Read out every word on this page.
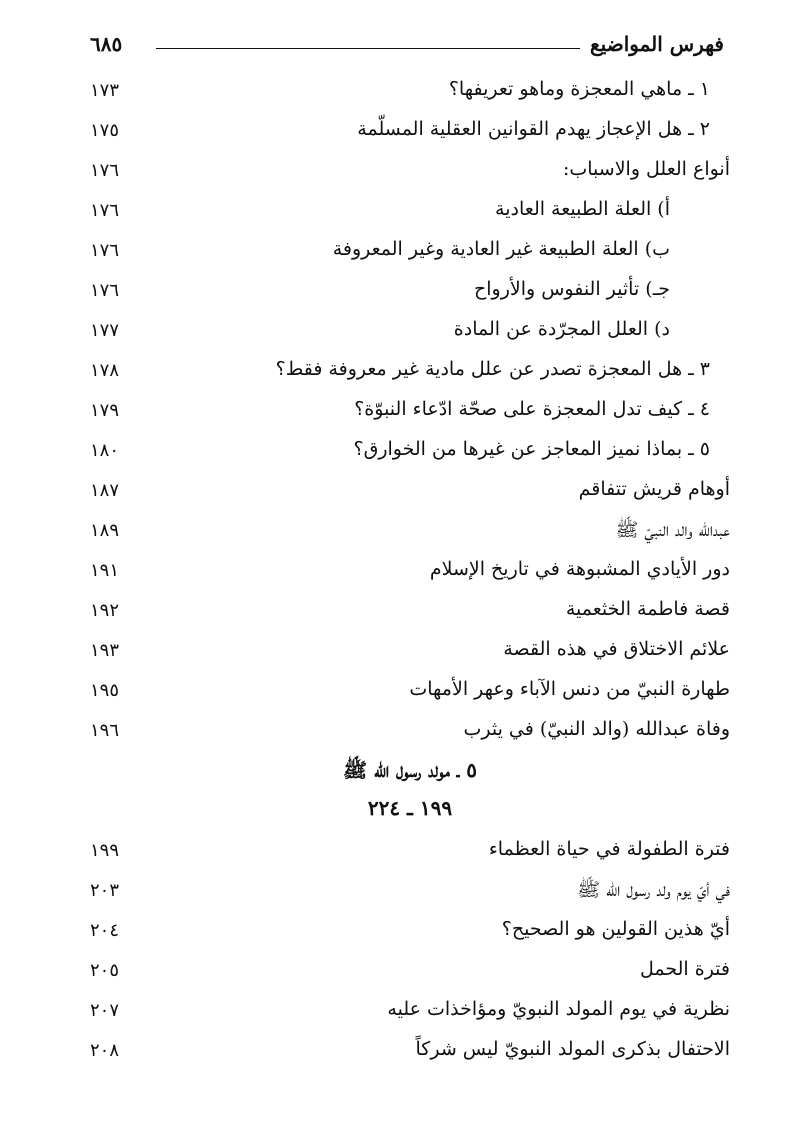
فهرس المواضيع
٦٨٥
١ ـ ماهي المعجزة وماهو تعريفها؟
١٧٣
٢ ـ هل الإعجاز يهدم القوانين العقلية المسلّمة
١٧٥
أنواع العلل والاسباب:
١٧٦
أ) العلة الطبيعة العادية
١٧٦
ب) العلة الطبيعة غير العادية وغير المعروفة
١٧٦
جـ) تأثير النفوس والأرواح
١٧٦
د) العلل المجرّدة عن المادة
١٧٧
٣ ـ هل المعجزة تصدر عن علل مادية غير معروفة فقط؟
١٧٨
٤ ـ كيف تدل المعجزة على صحّة ادّعاء النبوّة؟
١٧٩
٥ ـ بماذا نميز المعاجز عن غيرها من الخوارق؟
١٨٠
أوهام قريش تتفاقم
١٨٧
عبدالله والد النبيّ ﷺ
١٨٩
دور الأيادي المشبوهة في تاريخ الإسلام
١٩١
قصة فاطمة الخثعمية
١٩٢
علائم الاختلاق في هذه القصة
١٩٣
طهارة النبيّ من دنس الآباء وعهر الأمهات
١٩٥
وفاة عبدالله (والد النبيّ) في يثرب
١٩٦
٥ ـ مولد رسول الله ﷺ
١٩٩ ـ ٢٢٤
فترة الطفولة في حياة العظماء
١٩٩
في أيّ يوم ولد رسول الله ﷺ
٢٠٣
أيّ هذين القولين هو الصحيح؟
٢٠٤
فترة الحمل
٢٠٥
نظرية في يوم المولد النبويّ ومؤاخذات عليه
٢٠٧
الاحتفال بذكرى المولد النبويّ ليس شركاً
٢٠٨
